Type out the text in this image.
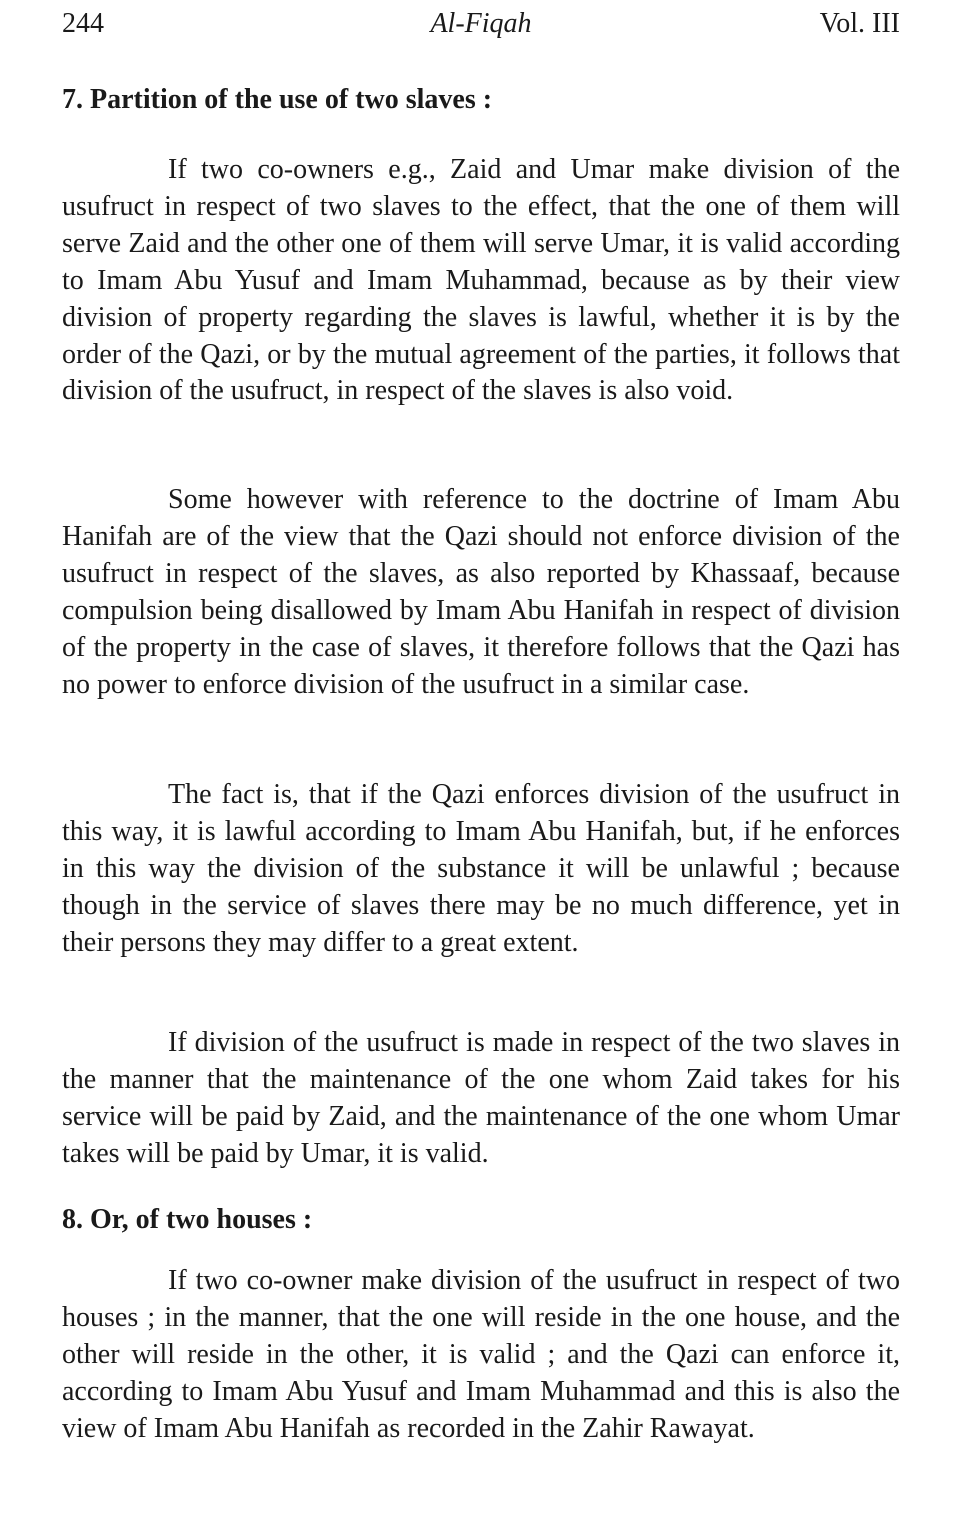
244	Al-Fiqah	Vol. III
7. Partition of the use of two slaves :

If two co-owners e.g., Zaid and Umar make division of the usufruct in respect of two slaves to the effect, that the one of them will serve Zaid and the other one of them will serve Umar, it is valid according to Imam Abu Yusuf and Imam Muhammad, because as by their view division of property regarding the slaves is lawful, whether it is by the order of the Qazi, or by the mutual agreement of the parties, it follows that division of the usufruct, in respect of the slaves is also void.

Some however with reference to the doctrine of Imam Abu Hanifah are of the view that the Qazi should not enforce division of the usufruct in respect of the slaves, as also reported by Khassaaf, because compulsion being disallowed by Imam Abu Hanifah in respect of division of the property in the case of slaves, it therefore follows that the Qazi has no power to enforce division of the usufruct in a similar case.

The fact is, that if the Qazi enforces division of the usufruct in this way, it is lawful according to Imam Abu Hanifah, but, if he enforces in this way the division of the substance it will be unlawful ; because though in the service of slaves there may be no much difference, yet in their persons they may differ to a great extent.

If division of the usufruct is made in respect of the two slaves in the manner that the maintenance of the one whom Zaid takes for his service will be paid by Zaid, and the maintenance of the one whom Umar takes will be paid by Umar, it is valid.

8. Or, of two houses :

If two co-owner make division of the usufruct in respect of two houses ; in the manner, that the one will reside in the one house, and the other will reside in the other, it is valid ; and the Qazi can enforce it, according to Imam Abu Yusuf and Imam Muhammad and this is also the view of Imam Abu Hanifah as recorded in the Zahir Rawayat.
